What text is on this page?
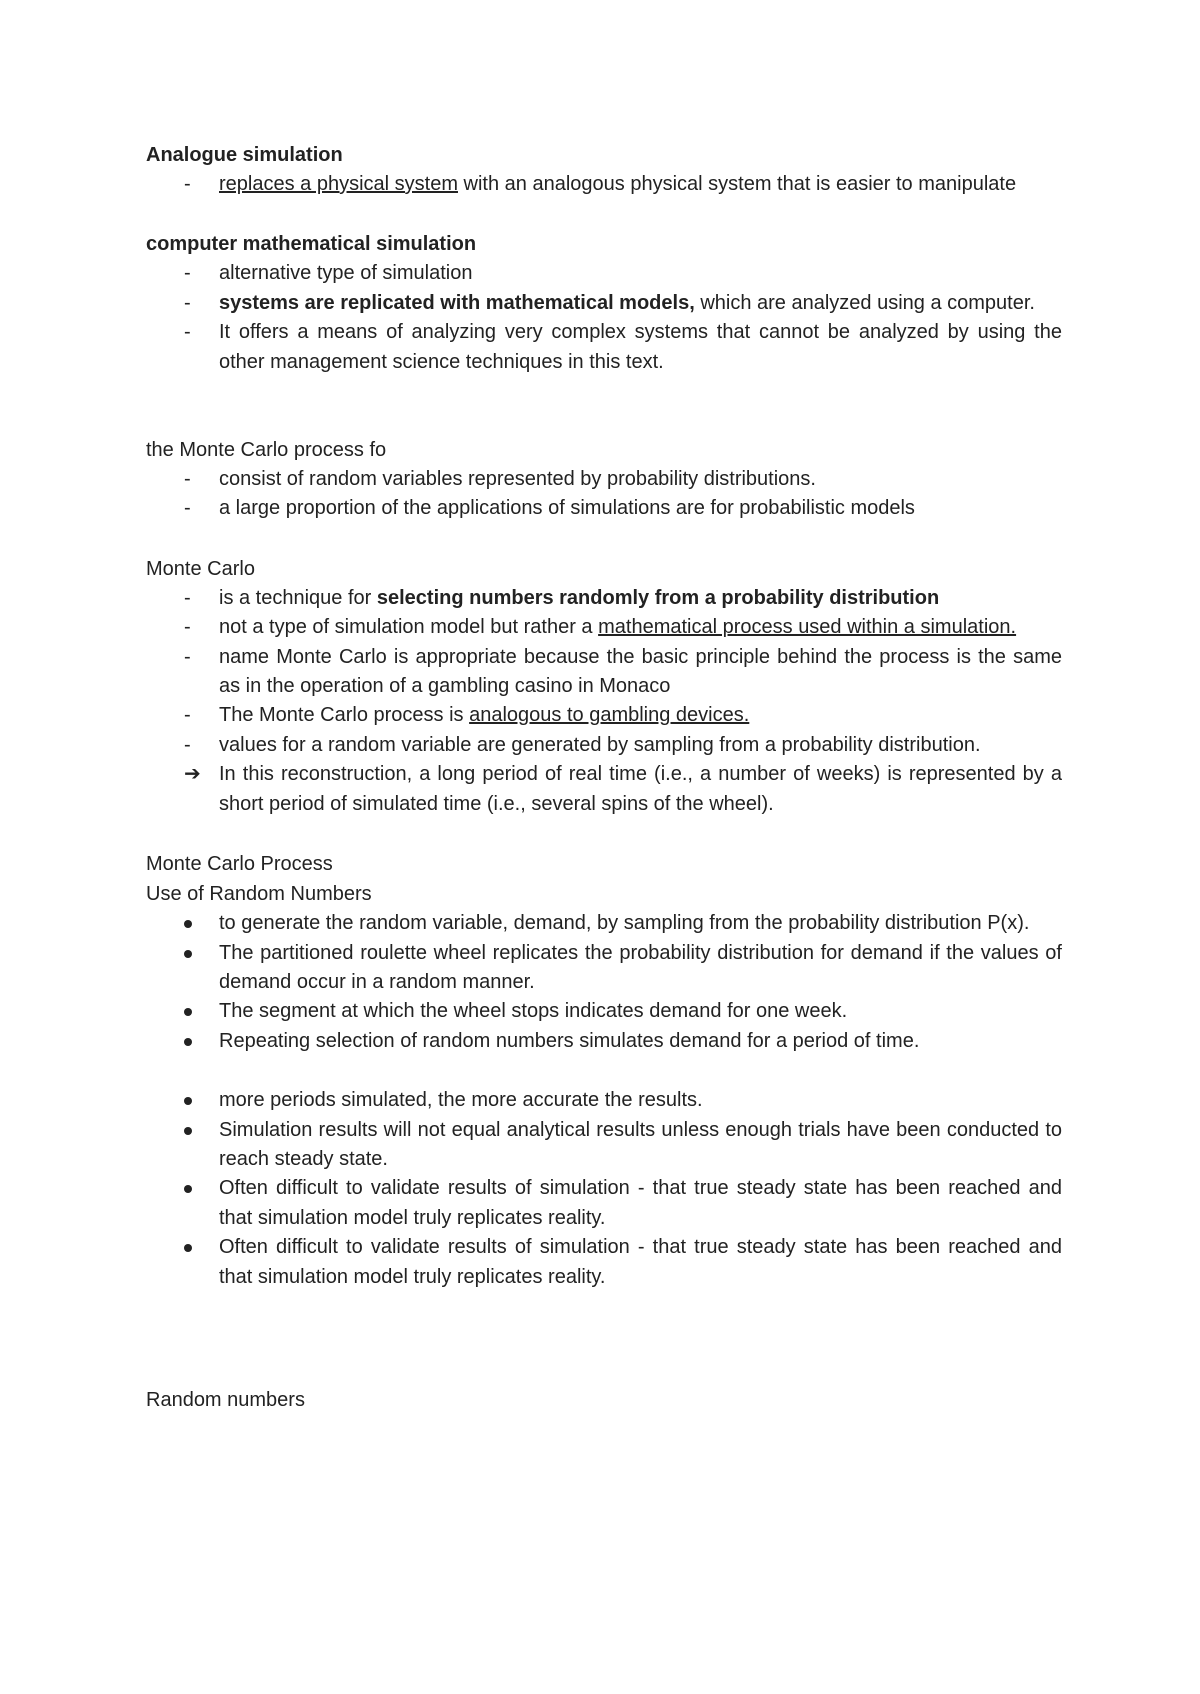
Analogue simulation

-	replaces a physical system with an analogous physical system that is easier to manipulate

computer mathematical simulation

-	alternative type of simulation
-	systems are replicated with mathematical models, which are analyzed using a computer.
-	It offers a means of analyzing very complex systems that cannot be analyzed by using the other management science techniques in this text.

the Monte Carlo process fo

-	consist of random variables represented by probability distributions.
-	a large proportion of the applications of simulations are for probabilistic models

Monte Carlo

-	is a technique for selecting numbers randomly from a probability distribution
-	not a type of simulation model but rather a mathematical process used within a simulation.
-	name Monte Carlo is appropriate because the basic principle behind the process is the same as in the operation of a gambling casino in Monaco
-	The Monte Carlo process is analogous to gambling devices.
-	values for a random variable are generated by sampling from a probability distribution.
➔ In this reconstruction, a long period of real time (i.e., a number of weeks) is represented by a short period of simulated time (i.e., several spins of the wheel).

Monte Carlo Process

Use of Random Numbers

to generate the random variable, demand, by sampling from the probability distribution P(x).
The partitioned roulette wheel replicates the probability distribution for demand if the values of demand occur in a random manner.
The segment at which the wheel stops indicates demand for one week.
Repeating selection of random numbers simulates demand for a period of time.
more periods simulated, the more accurate the results.
Simulation results will not equal analytical results unless enough trials have been conducted to reach steady state.
Often difficult to validate results of simulation - that true steady state has been reached and that simulation model truly replicates reality.
Often difficult to validate results of simulation - that true steady state has been reached and that simulation model truly replicates reality.

Random numbers
